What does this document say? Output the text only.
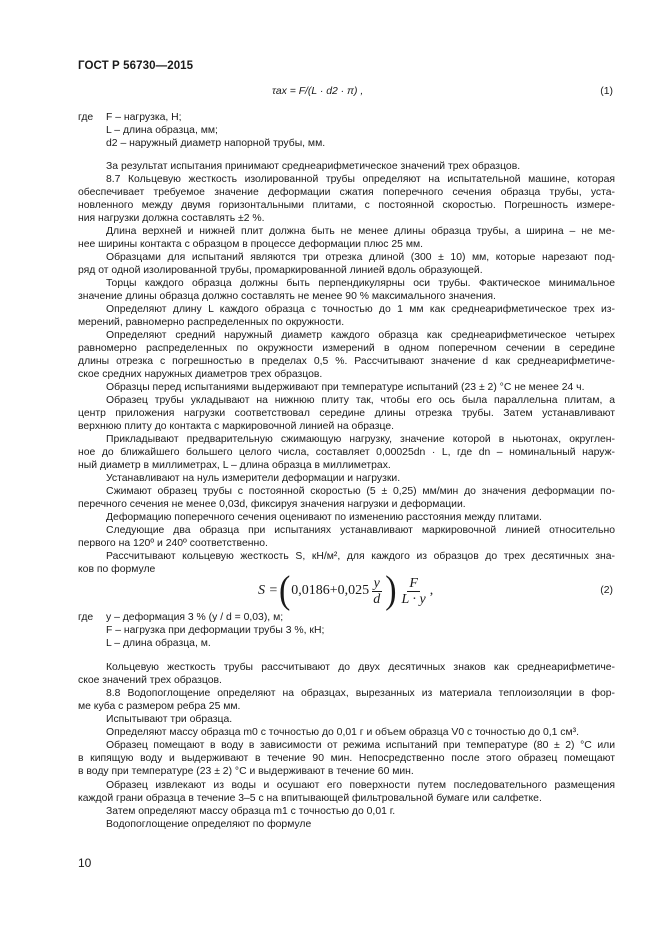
ГОСТ Р 56730—2015
τax = F/(L · d2 · π) ,	(1)
где F – нагрузка, Н;
L – длина образца, мм;
d2 – наружный диаметр напорной трубы, мм.
За результат испытания принимают среднеарифметическое значений трех образцов.
8.7 Кольцевую жесткость изолированной трубы определяют на испытательной машине, которая
обеспечивает требуемое значение деформации сжатия поперечного сечения образца трубы, уста-
новленного между двумя горизонтальными плитами, с постоянной скоростью. Погрешность измере-
ния нагрузки должна составлять ±2 %.
Длина верхней и нижней плит должна быть не менее длины образца трубы, а ширина – не ме-
нее ширины контакта с образцом в процессе деформации плюс 25 мм.
Образцами для испытаний являются три отрезка длиной (300 ± 10) мм, которые нарезают под-
ряд от одной изолированной трубы, промаркированной линией вдоль образующей.
Торцы каждого образца должны быть перпендикулярны оси трубы. Фактическое минимальное
значение длины образца должно составлять не менее 90 % максимального значения.
Определяют длину L каждого образца с точностью до 1 мм как среднеарифметическое трех из-
мерений, равномерно распределенных по окружности.
Определяют средний наружный диаметр каждого образца как среднеарифметическое четырех
равномерно распределенных по окружности измерений в одном поперечном сечении в середине
длины отрезка с погрешностью в пределах 0,5 %. Рассчитывают значение d как среднеарифметиче-
ское средних наружных диаметров трех образцов.
Образцы перед испытаниями выдерживают при температуре испытаний (23 ± 2) °С не менее 24 ч.
Образец трубы укладывают на нижнюю плиту так, чтобы его ось была параллельна плитам, а
центр приложения нагрузки соответствовал середине длины отрезка трубы. Затем устанавливают
верхнюю плиту до контакта с маркировочной линией на образце.
Прикладывают предварительную сжимающую нагрузку, значение которой в ньютонах, округлен-
ное до ближайшего большего целого числа, составляет 0,00025dn · L, где dn – номинальный наруж-
ный диаметр в миллиметрах, L – длина образца в миллиметрах.
Устанавливают на нуль измерители деформации и нагрузки.
Сжимают образец трубы с постоянной скоростью (5 ± 0,25) мм/мин до значения деформации по-
перечного сечения не менее 0,03d, фиксируя значения нагрузки и деформации.
Деформацию поперечного сечения оценивают по изменению расстояния между плитами.
Следующие два образца при испытаниях устанавливают маркировочной линией относительно
первого на 120º и 240º соответственно.
Рассчитывают кольцевую жесткость S, кН/м², для каждого из образцов до трех десятичных зна-
ков по формуле
S = ( $0,0186+0,025 \frac{y}{d}$ ) $\frac{F}{L \cdot y}$ ,	(2)
где y – деформация 3 % (y / d = 0,03), м;
F – нагрузка при деформации трубы 3 %, кН;
L – длина образца, м.
Кольцевую жесткость трубы рассчитывают до двух десятичных знаков как среднеарифметиче-
ское значений трех образцов.
8.8 Водопоглощение определяют на образцах, вырезанных из материала теплоизоляции в фор-
ме куба с размером ребра 25 мм.
Испытывают три образца.
Определяют массу образца m0 с точностью до 0,01 г и объем образца V0 с точностью до 0,1 см³.
Образец помещают в воду в зависимости от режима испытаний при температуре (80 ± 2) °С или
в кипящую воду и выдерживают в течение 90 мин. Непосредственно после этого образец помещают
в воду при температуре (23 ± 2) °С и выдерживают в течение 60 мин.
Образец извлекают из воды и осушают его поверхности путем последовательного размещения
каждой грани образца в течение 3–5 с на впитывающей фильтровальной бумаге или салфетке.
Затем определяют массу образца m1 с точностью до 0,01 г.
Водопоглощение определяют по формуле
10
